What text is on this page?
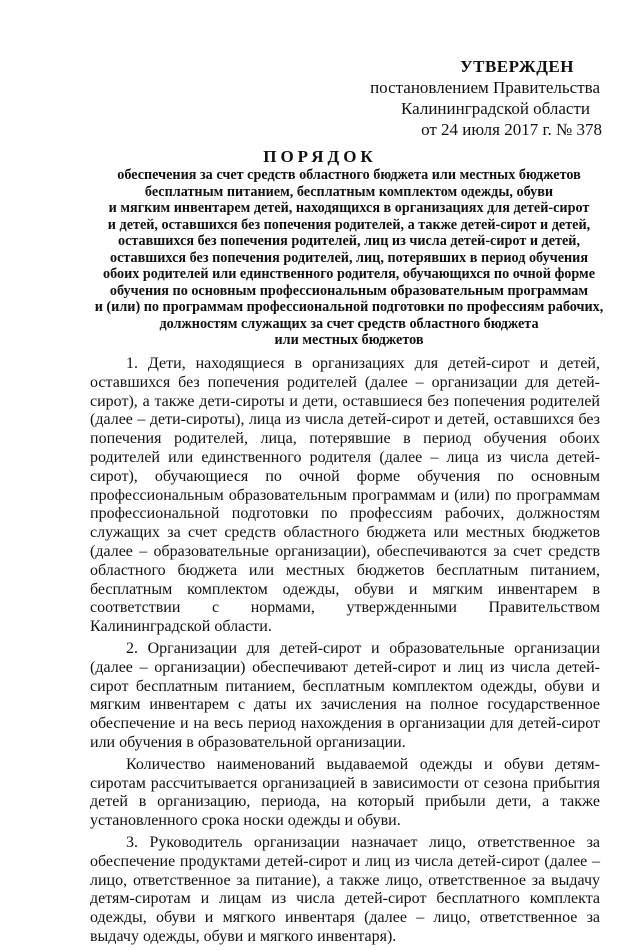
УТВЕРЖДЕН
постановлением Правительства
Калининградской области
от 24 июля 2017 г. № 378
ПОРЯДОК
обеспечения за счет средств областного бюджета или местных бюджетов
бесплатным питанием, бесплатным комплектом одежды, обуви
и мягким инвентарем детей, находящихся в организациях для детей-сирот
и детей, оставшихся без попечения родителей, а также детей-сирот и детей,
оставшихся без попечения родителей, лиц из числа детей-сирот и детей,
оставшихся без попечения родителей, лиц, потерявших в период обучения
обоих родителей или единственного родителя, обучающихся по очной форме
обучения по основным профессиональным образовательным программам
и (или) по программам профессиональной подготовки по профессиям рабочих,
должностям служащих за счет средств областного бюджета
или местных бюджетов

1. Дети, находящиеся в организациях для детей-сирот и детей, оставшихся без попечения родителей (далее – организации для детей-сирот), а также дети-сироты и дети, оставшиеся без попечения родителей (далее – дети-сироты), лица из числа детей-сирот и детей, оставшихся без попечения родителей, лица, потерявшие в период обучения обоих родителей или единственного родителя (далее – лица из числа детей-сирот), обучающиеся по очной форме обучения по основным профессиональным образовательным программам и (или) по программам профессиональной подготовки по профессиям рабочих, должностям служащих за счет средств областного бюджета или местных бюджетов (далее – образовательные организации), обеспечиваются за счет средств областного бюджета или местных бюджетов бесплатным питанием, бесплатным комплектом одежды, обуви и мягким инвентарем в соответствии с нормами, утвержденными Правительством Калининградской области.

2. Организации для детей-сирот и образовательные организации (далее – организации) обеспечивают детей-сирот и лиц из числа детей-сирот бесплатным питанием, бесплатным комплектом одежды, обуви и мягким инвентарем с даты их зачисления на полное государственное обеспечение и на весь период нахождения в организации для детей-сирот или обучения в образовательной организации.

Количество наименований выдаваемой одежды и обуви детям-сиротам рассчитывается организацией в зависимости от сезона прибытия детей в организацию, периода, на который прибыли дети, а также установленного срока носки одежды и обуви.

3. Руководитель организации назначает лицо, ответственное за обеспечение продуктами детей-сирот и лиц из числа детей-сирот (далее – лицо, ответственное за питание), а также лицо, ответственное за выдачу детям-сиротам и лицам из числа детей-сирот бесплатного комплекта одежды, обуви и мягкого инвентаря (далее – лицо, ответственное за выдачу одежды, обуви и мягкого инвентаря).
